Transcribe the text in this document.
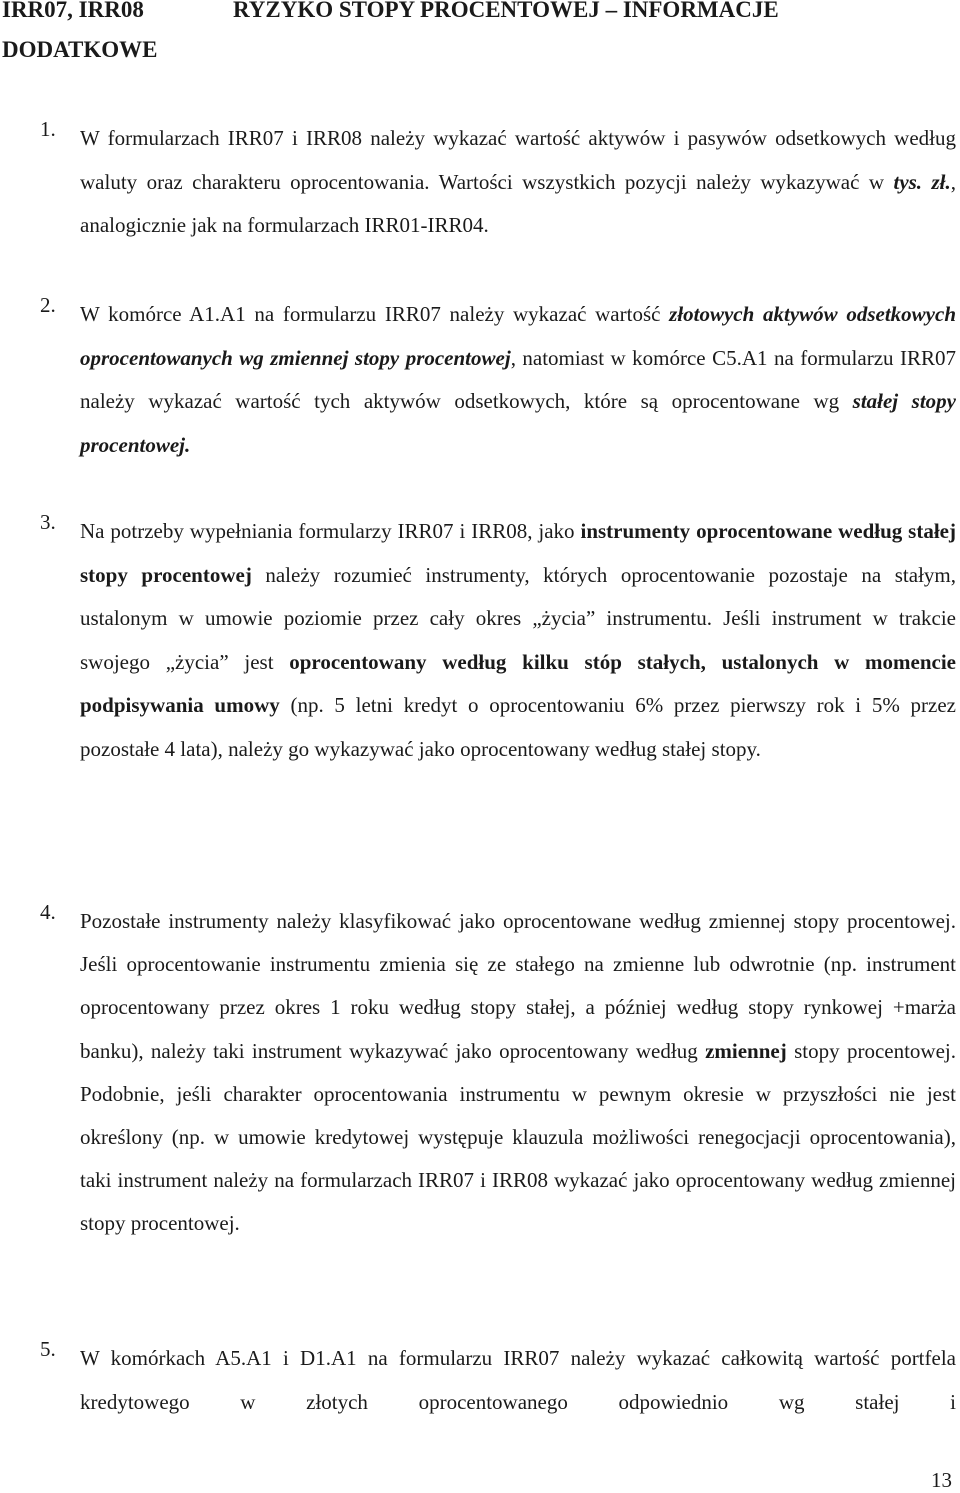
IRR07, IRR08
DODATKOWE
RYZYKO STOPY PROCENTOWEJ – INFORMACJE
1. W formularzach IRR07 i IRR08 należy wykazać wartość aktywów i pasywów odsetkowych według waluty oraz charakteru oprocentowania. Wartości wszystkich pozycji należy wykazywać w tys. zł., analogicznie jak na formularzach IRR01-IRR04.
2. W komórce A1.A1 na formularzu IRR07 należy wykazać wartość złotowych aktywów odsetkowych oprocentowanych wg zmiennej stopy procentowej, natomiast w komórce C5.A1 na formularzu IRR07 należy wykazać wartość tych aktywów odsetkowych, które są oprocentowane wg stałej stopy procentowej.
3. Na potrzeby wypełniania formularzy IRR07 i IRR08, jako instrumenty oprocentowane według stałej stopy procentowej należy rozumieć instrumenty, których oprocentowanie pozostaje na stałym, ustalonym w umowie poziomie przez cały okres „życia” instrumentu. Jeśli instrument w trakcie swojego „życia” jest oprocentowany według kilku stóp stałych, ustalonych w momencie podpisywania umowy (np. 5 letni kredyt o oprocentowaniu 6% przez pierwszy rok i 5% przez pozostałe 4 lata), należy go wykazywać jako oprocentowany według stałej stopy.
4. Pozostałe instrumenty należy klasyfikować jako oprocentowane według zmiennej stopy procentowej. Jeśli oprocentowanie instrumentu zmienia się ze stałego na zmienne lub odwrotnie (np. instrument oprocentowany przez okres 1 roku według stopy stałej, a później według stopy rynkowej +marża banku), należy taki instrument wykazywać jako oprocentowany według zmiennej stopy procentowej. Podobnie, jeśli charakter oprocentowania instrumentu w pewnym okresie w przyszłości nie jest określony (np. w umowie kredytowej występuje klauzula możliwości renegocjacji oprocentowania), taki instrument należy na formularzach IRR07 i IRR08 wykazać jako oprocentowany według zmiennej stopy procentowej.
5. W komórkach A5.A1 i D1.A1 na formularzu IRR07 należy wykazać całkowitą wartość portfela kredytowego w złotych oprocentowanego odpowiednio wg stałej i
13
